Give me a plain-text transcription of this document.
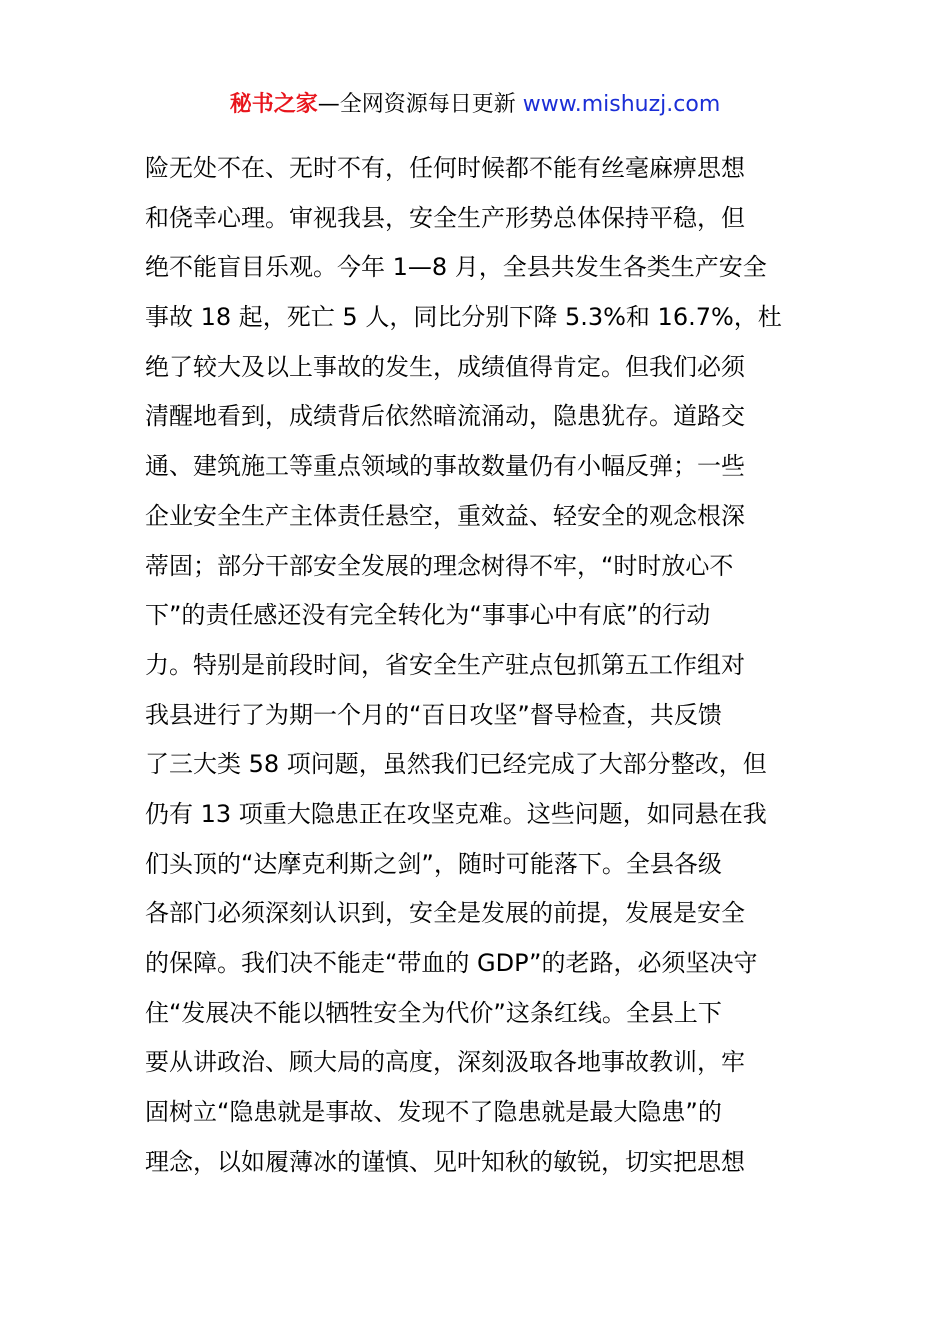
秘书之家—全网资源每日更新 www.mishuzj.com
险无处不在、无时不有，任何时候都不能有丝毫麻痹思想
和侥幸心理。审视我县，安全生产形势总体保持平稳，但
绝不能盲目乐观。今年 1—8 月，全县共发生各类生产安全
事故 18 起，死亡 5 人，同比分别下降 5.3%和 16.7%，杜
绝了较大及以上事故的发生，成绩值得肯定。但我们必须
清醒地看到，成绩背后依然暗流涌动，隐患犹存。道路交
通、建筑施工等重点领域的事故数量仍有小幅反弹；一些
企业安全生产主体责任悬空，重效益、轻安全的观念根深
蒂固；部分干部安全发展的理念树得不牢，“时时放心不
下”的责任感还没有完全转化为“事事心中有底”的行动
力。特别是前段时间，省安全生产驻点包抓第五工作组对
我县进行了为期一个月的“百日攻坚”督导检查，共反馈
了三大类 58 项问题，虽然我们已经完成了大部分整改，但
仍有 13 项重大隐患正在攻坚克难。这些问题，如同悬在我
们头顶的“达摩克利斯之剑”，随时可能落下。全县各级
各部门必须深刻认识到，安全是发展的前提，发展是安全
的保障。我们决不能走“带血的 GDP”的老路，必须坚决守
住“发展决不能以牺牲安全为代价”这条红线。全县上下
要从讲政治、顾大局的高度，深刻汲取各地事故教训，牢
固树立“隐患就是事故、发现不了隐患就是最大隐患”的
理念，以如履薄冰的谨慎、见叶知秋的敏锐，切实把思想
